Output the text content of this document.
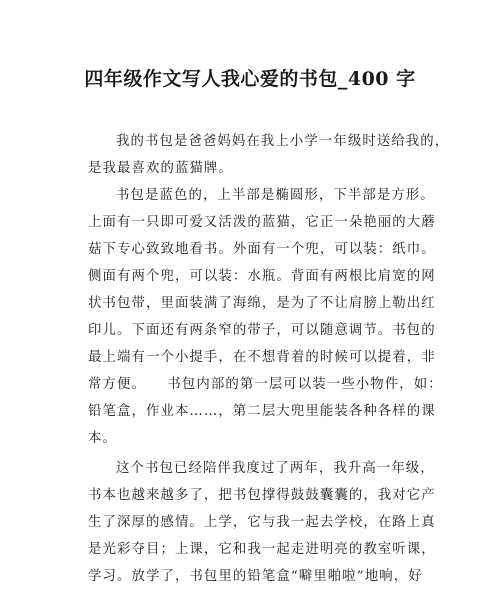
四年级作文写人我心爱的书包_400 字
我的书包是爸爸妈妈在我上小学一年级时送给我的，
是我最喜欢的蓝猫牌。
书包是蓝色的，上半部是椭圆形，下半部是方形。
上面有一只即可爱又活泼的蓝猫，它正一朵艳丽的大蘑
菇下专心致致地看书。外面有一个兜，可以装：纸巾。
侧面有两个兜，可以装：水瓶。背面有两根比肩宽的网
状书包带，里面装满了海绵，是为了不让肩膀上勒出红
印儿。下面还有两条窄的带子，可以随意调节。书包的
最上端有一个小提手，在不想背着的时候可以提着，非
常方便。    书包内部的第一层可以装一些小物件，如：
铅笔盒，作业本……，第二层大兜里能装各种各样的课
本。
这个书包已经陪伴我度过了两年，我升高一年级，
书本也越来越多了，把书包撑得鼓鼓囊囊的，我对它产
生了深厚的感情。上学，它与我一起去学校，在路上真
是光彩夺目；上课，它和我一起走进明亮的教室听课，
学习。放学了，书包里的铅笔盒“噼里啪啦”地响，好
